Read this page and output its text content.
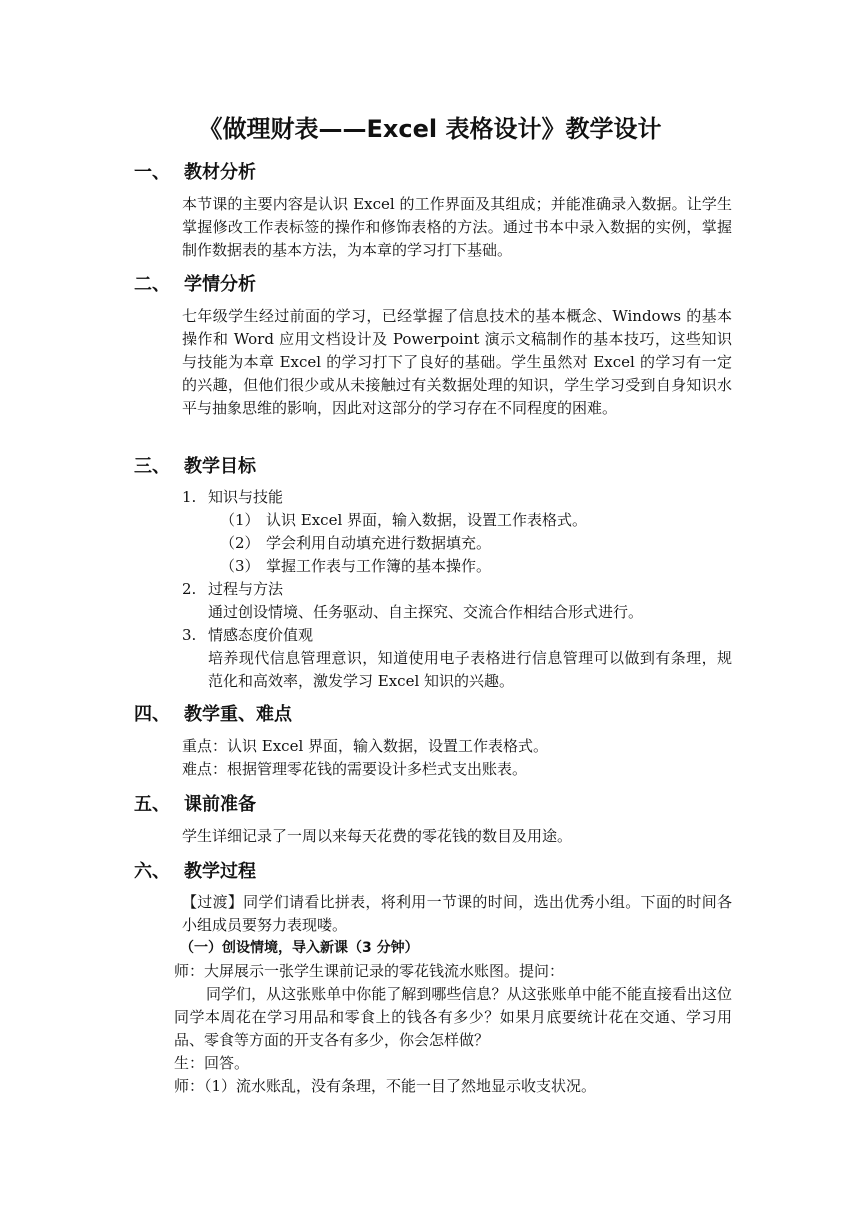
《做理财表——Excel 表格设计》教学设计
一、 教材分析
本节课的主要内容是认识 Excel 的工作界面及其组成；并能准确录入数据。让学生掌握修改工作表标签的操作和修饰表格的方法。通过书本中录入数据的实例，掌握制作数据表的基本方法，为本章的学习打下基础。
二、 学情分析
七年级学生经过前面的学习，已经掌握了信息技术的基本概念、Windows 的基本操作和 Word 应用文档设计及 Powerpoint 演示文稿制作的基本技巧，这些知识与技能为本章 Excel 的学习打下了良好的基础。学生虽然对 Excel 的学习有一定的兴趣，但他们很少或从未接触过有关数据处理的知识，学生学习受到自身知识水平与抽象思维的影响，因此对这部分的学习存在不同程度的困难。
三、 教学目标
1. 知识与技能
（1） 认识 Excel 界面，输入数据，设置工作表格式。
（2） 学会利用自动填充进行数据填充。
（3） 掌握工作表与工作簿的基本操作。
2. 过程与方法
通过创设情境、任务驱动、自主探究、交流合作相结合形式进行。
3. 情感态度价值观
培养现代信息管理意识，知道使用电子表格进行信息管理可以做到有条理，规范化和高效率，激发学习 Excel 知识的兴趣。
四、 教学重、难点
重点：认识 Excel 界面，输入数据，设置工作表格式。
难点：根据管理零花钱的需要设计多栏式支出账表。
五、 课前准备
学生详细记录了一周以来每天花费的零花钱的数目及用途。
六、 教学过程
【过渡】同学们请看比拼表，将利用一节课的时间，选出优秀小组。下面的时间各小组成员要努力表现喽。
（一）创设情境，导入新课（3 分钟）
师：大屏展示一张学生课前记录的零花钱流水账图。提问：
同学们，从这张账单中你能了解到哪些信息？从这张账单中能不能直接看出这位同学本周花在学习用品和零食上的钱各有多少？如果月底要统计花在交通、学习用品、零食等方面的开支各有多少，你会怎样做？
生：回答。
师：（1）流水账乱，没有条理，不能一目了然地显示收支状况。
